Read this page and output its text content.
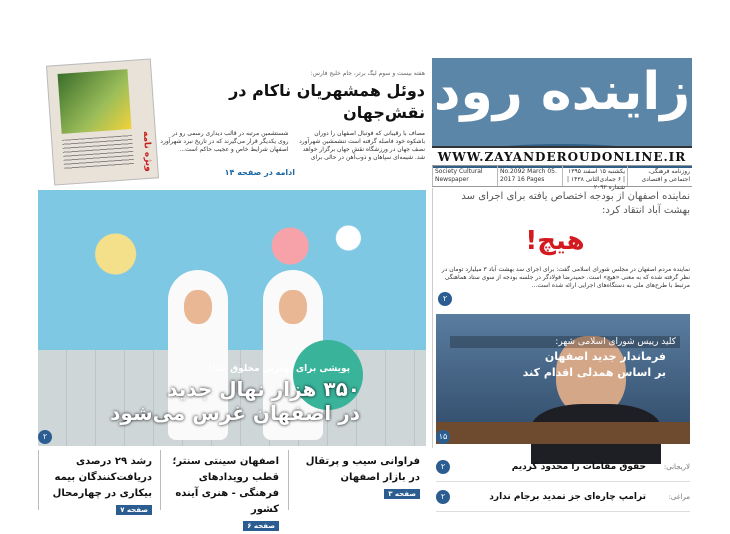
زاینده رود
WWW.ZAYANDEROUDONLINE.IR
روزنامه فرهنگی، اجتماعی و اقتصادی
یکشنبه ۱۵ اسفند ۱۳۹۵ | ۶ جمادی‌الثانی ۱۴۳۸ | شماره ۲۰۹۲
No.2092 March 05. 2017 16 Pages
Society Cultural Newspaper
نماینده اصفهان از بودجه اختصاص یافته برای اجرای سد بهشت آباد انتقاد کرد:
هیچ!
نماینده مردم اصفهان در مجلس شورای اسلامی گفت: برای اجرای سد بهشت آباد ۳ میلیارد تومان در نظر گرفته شده که به معنی «هیچ» است. حمیدرضا فولادگر در جلسه بودجه از سوی ستاد هماهنگی مرتبط با طرح‌های ملی به دستگاه‌های اجرایی ارائه شده است...
۲
هفته بیست و سوم لیگ برتر، جام خلیج فارس:
دوئل همشهریان ناکام در نقش‌جهان
مصاف با رقیبانی که فوتبال اصفهان را دوران باشکوه خود فاصله گرفته است تنشمشین شهرآورد نصف جهان در ورزشگاه نقش جهان برگزار خواهد شد. شیمه‌ای سپاهان و ذوب‌آهن در حالی برای شستشمین مرتبه در قالب دیداری رسمی رو در روی یکدیگر قرار می‌گیرند که در تاریخ نبرد شهرآورد اصفهان شرایط خاص و عجیب حاکم است...
ادامه در صفحه ۱۴
ویژه نامه
پویشی برای بهترین مخلوق خدا:
۳۵۰ هزار نهال جدید
در اصفهان غرس می‌شود
۲
کلید رییس شورای اسلامی شهر:
فرماندار جدید اصفهان
بر اساس همدلی اقدام کند
۱۵
رشد ۲۹ درصدی دریافت‌کنندگان بیمه بیکاری در چهارمحال
صفحه ۷
اصفهان سینتی سنتر؛ قطب رویدادهای فرهنگی - هنری آینده کشور
صفحه ۶
فراوانی سیب و پرتقال در بازار اصفهان
صفحه ۳
لاریجانی:
حقوق مقامات را محدود کردیم
۲
مراغی:
ترامپ چاره‌ای جز تمدید برجام ندارد
۲
